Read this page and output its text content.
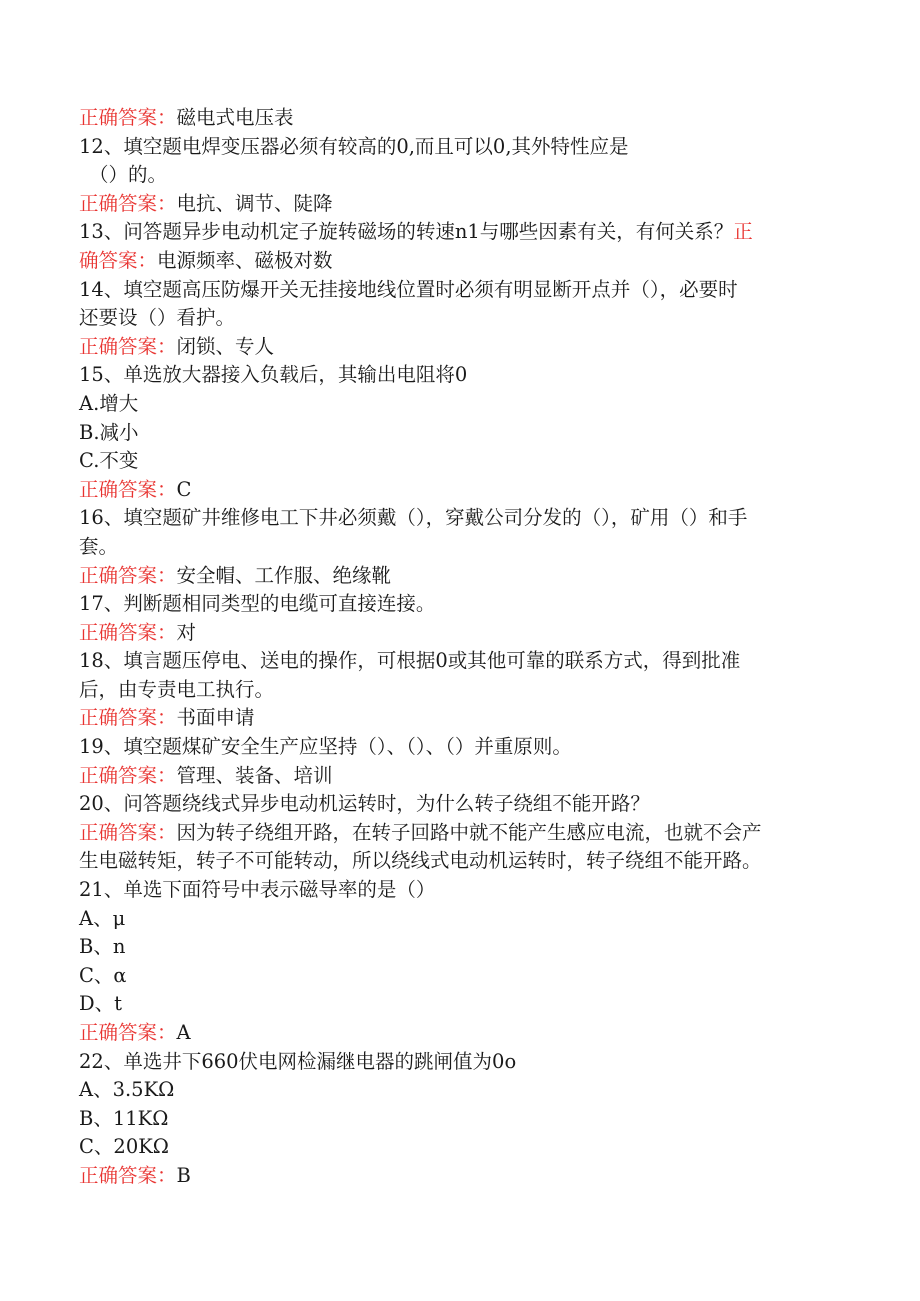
正确答案：磁电式电压表
12、填空题电焊变压器必须有较高的0,而且可以0,其外特性应是
（）的。
正确答案：电抗、调节、陡降
13、问答题异步电动机定子旋转磁场的转速n1与哪些因素有关，有何关系？正
确答案：电源频率、磁极对数
14、填空题高压防爆开关无挂接地线位置时必须有明显断开点并（），必要时
还要设（）看护。
正确答案：闭锁、专人
15、单选放大器接入负载后，其输出电阻将0
A.增大
B.减小
C.不变
正确答案：C
16、填空题矿井维修电工下井必须戴（），穿戴公司分发的（），矿用（）和手
套。
正确答案：安全帽、工作服、绝缘靴
17、判断题相同类型的电缆可直接连接。
正确答案：对
18、填言题压停电、送电的操作，可根据0或其他可靠的联系方式，得到批准
后，由专责电工执行。
正确答案：书面申请
19、填空题煤矿安全生产应坚持（）、（）、（）并重原则。
正确答案：管理、装备、培训
20、问答题绕线式异步电动机运转时，为什么转子绕组不能开路？
正确答案：因为转子绕组开路，在转子回路中就不能产生感应电流，也就不会产
生电磁转矩，转子不可能转动，所以绕线式电动机运转时，转子绕组不能开路。
21、单选下面符号中表示磁导率的是（）
A、μ
B、n
C、α
D、t
正确答案：A
22、单选井下660伏电网检漏继电器的跳闸值为0o
A、3.5KΩ
B、11KΩ
C、20KΩ
正确答案：B
